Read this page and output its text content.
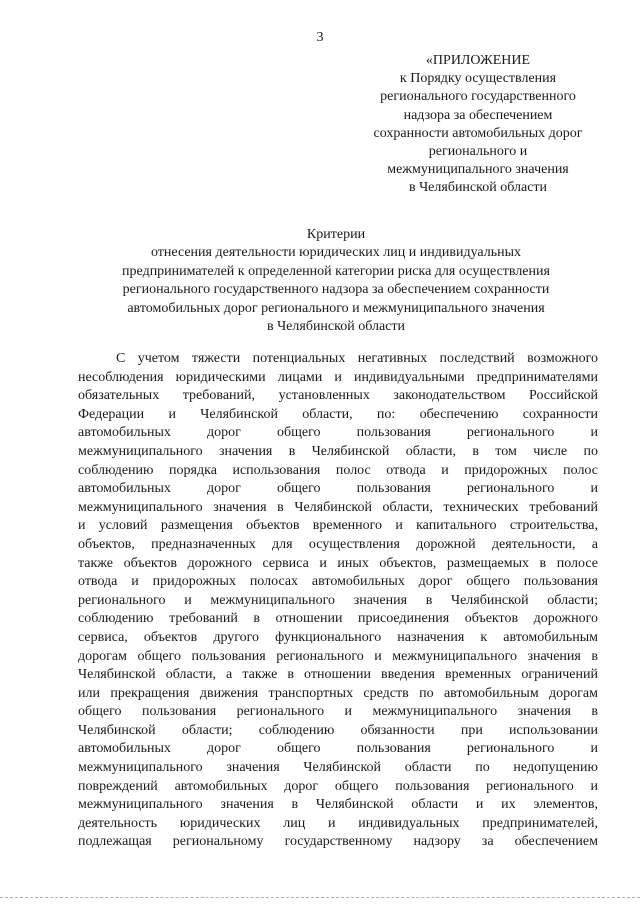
3
«ПРИЛОЖЕНИЕ
к Порядку осуществления
регионального государственного
надзора за обеспечением
сохранности автомобильных дорог
регионального и
межмуниципального значения
в Челябинской области
Критерии
отнесения деятельности юридических лиц и индивидуальных
предпринимателей к определенной категории риска для осуществления
регионального государственного надзора за обеспечением сохранности
автомобильных дорог регионального и межмуниципального значения
в Челябинской области
С учетом тяжести потенциальных негативных последствий возможного
несоблюдения юридическими лицами и индивидуальными предпринимателями
обязательных требований, установленных законодательством Российской
Федерации и Челябинской области, по: обеспечению сохранности
автомобильных дорог общего пользования регионального и
межмуниципального значения в Челябинской области, в том числе по
соблюдению порядка использования полос отвода и придорожных полос
автомобильных дорог общего пользования регионального и
межмуниципального значения в Челябинской области, технических требований
и условий размещения объектов временного и капитального строительства,
объектов, предназначенных для осуществления дорожной деятельности, а
также объектов дорожного сервиса и иных объектов, размещаемых в полосе
отвода и придорожных полосах автомобильных дорог общего пользования
регионального и межмуниципального значения в Челябинской области;
соблюдению требований в отношении присоединения объектов дорожного
сервиса, объектов другого функционального назначения к автомобильным
дорогам общего пользования регионального и межмуниципального значения в
Челябинской области, а также в отношении введения временных ограничений
или прекращения движения транспортных средств по автомобильным дорогам
общего пользования регионального и межмуниципального значения в
Челябинской области; соблюдению обязанности при использовании
автомобильных дорог общего пользования регионального и
межмуниципального значения Челябинской области по недопущению
повреждений автомобильных дорог общего пользования регионального и
межмуниципального значения в Челябинской области и их элементов,
деятельность юридических лиц и индивидуальных предпринимателей,
подлежащая региональному государственному надзору за обеспечением
